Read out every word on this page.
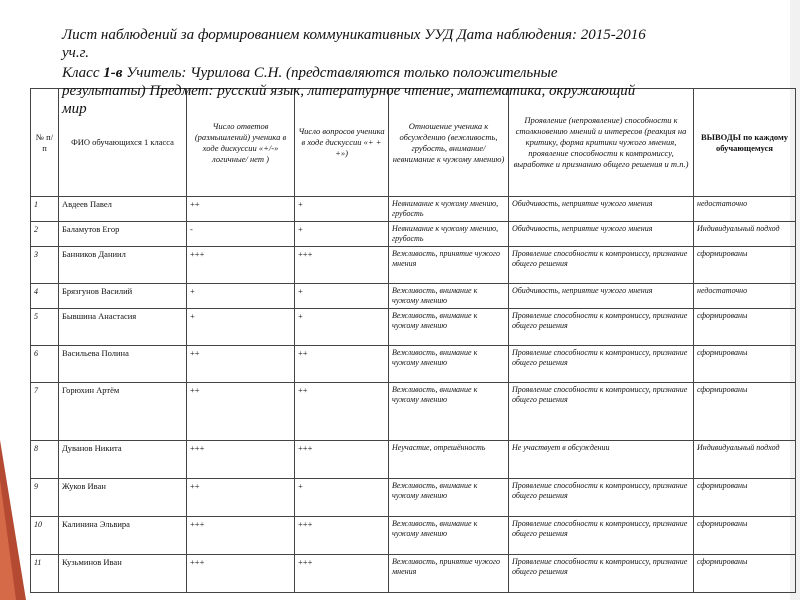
№ п/п	ФИО обучающихся 1 класса	Число ответов (размышлений) ученика в ходе дискуссии «+/-» логичные/ нет )	Число вопросов ученика в ходе дискуссии «+ + +»)	Отношение ученика к обсуждению (вежливость, грубость, внимание/невнимание к чужому мнению)	Проявление (непроявление) способности к столкновению мнений и интересов (реакция на критику, форма критики чужого мнения, проявление способности к компромиссу, выработке и признанию общего решения и т.п.)	ВЫВОДЫ по каждому обучающемуся
1	Авдеев Павел	++	+	Невнимание к чужому мнению, грубость	Обидчивость, неприятие чужого мнения	недостаточно
2	Баламутов Егор	-	+	Невнимание к чужому мнению, грубость	Обидчивость, неприятие чужого мнения	Индивидуальный подход
3	Банников Даниил	+++	+++	Вежливость, принятие чужого мнения	Проявление способности к компромиссу, признание общего решения	сформированы
4	Брязгунов Василий	+	+	Вежливость, внимание к чужому мнению	Обидчивость, неприятие чужого мнения	недостаточно
5	Бывшина Анастасия	+	+	Вежливость, внимание к чужому мнению	Проявление способности к компромиссу, признание общего решения	сформированы
6	Васильева Полина	++	++	Вежливость, внимание к чужому мнению	Проявление способности к компромиссу, признание общего решения	сформированы
7	Горюхин Артём	++	++	Вежливость, внимание к чужому мнению	Проявление способности к компромиссу, признание общего решения	сформированы
8	Дуванов Никита	+++	+++	Неучастие, отрешённость	Не участвует в обсуждении	Индивидуальный подход
9	Жуков Иван	++	+	Вежливость, внимание к чужому мнению	Проявление способности к компромиссу, признание общего решения	сформированы
10	Калинина Эльвира	+++	+++	Вежливость, внимание к чужому мнению	Проявление способности к компромиссу, признание общего решения	сформированы
11	Кузьминов Иван	+++	+++	Вежливость, принятие чужого мнения	Проявление способности к компромиссу, признание общего решения	сформированы
Лист наблюдений за формированием коммуникативных УУД Дата наблюдения: 2015-2016
уч.г.
Класс 1-в Учитель: Чурилова С.Н. (представляются только положительные
результаты) Предмет: русский язык, литературное чтение, математика, окружающий
мир
